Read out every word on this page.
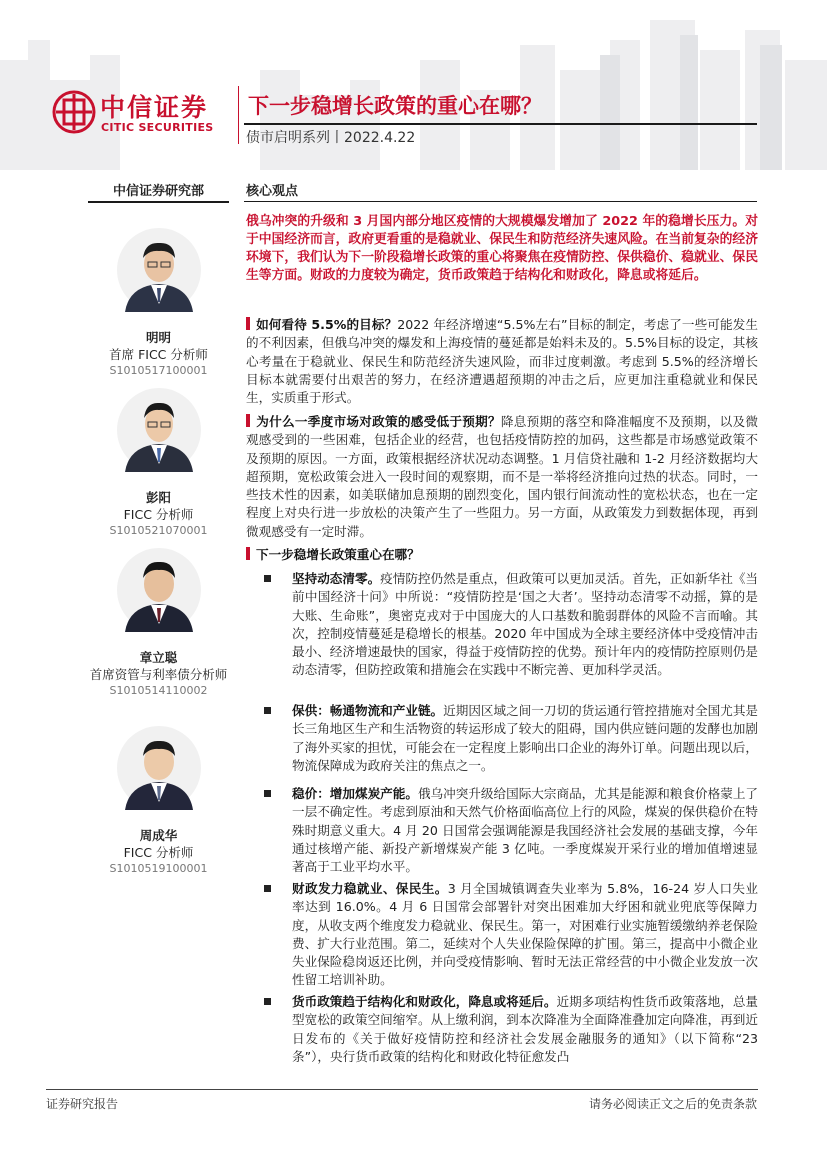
中信证券
CITIC SECURITIES
下一步稳增长政策的重心在哪？
债市启明系列丨2022.4.22
中信证券研究部
明明
首席 FICC 分析师
S1010517100001
彭阳
FICC 分析师
S1010521070001
章立聪
首席资管与利率债分析师
S1010514110002
周成华
FICC 分析师
S1010519100001
核心观点
俄乌冲突的升级和 3 月国内部分地区疫情的大规模爆发增加了 2022 年的稳增长压力。对于中国经济而言，政府更看重的是稳就业、保民生和防范经济失速风险。在当前复杂的经济环境下，我们认为下一阶段稳增长政策的重心将聚焦在疫情防控、保供稳价、稳就业、保民生等方面。财政的力度较为确定，货币政策趋于结构化和财政化，降息或将延后。
如何看待 5.5%的目标？2022 年经济增速“5.5%左右”目标的制定，考虑了一些可能发生的不利因素，但俄乌冲突的爆发和上海疫情的蔓延都是始料未及的。5.5%目标的设定，其核心考量在于稳就业、保民生和防范经济失速风险，而非过度刺激。考虑到 5.5%的经济增长目标本就需要付出艰苦的努力，在经济遭遇超预期的冲击之后，应更加注重稳就业和保民生，实质重于形式。
为什么一季度市场对政策的感受低于预期？降息预期的落空和降准幅度不及预期，以及微观感受到的一些困难，包括企业的经营，也包括疫情防控的加码，这些都是市场感觉政策不及预期的原因。一方面，政策根据经济状况动态调整。1 月信贷社融和 1-2 月经济数据均大超预期，宽松政策会进入一段时间的观察期，而不是一举将经济推向过热的状态。同时，一些技术性的因素，如美联储加息预期的剧烈变化，国内银行间流动性的宽松状态，也在一定程度上对央行进一步放松的决策产生了一些阻力。另一方面，从政策发力到数据体现，再到微观感受有一定时滞。
下一步稳增长政策重心在哪？
坚持动态清零。疫情防控仍然是重点，但政策可以更加灵活。首先，正如新华社《当前中国经济十问》中所说：“疫情防控是‘国之大者’。坚持动态清零不动摇，算的是大账、生命账”，奥密克戎对于中国庞大的人口基数和脆弱群体的风险不言而喻。其次，控制疫情蔓延是稳增长的根基。2020 年中国成为全球主要经济体中受疫情冲击最小、经济增速最快的国家，得益于疫情防控的优势。预计年内的疫情防控原则仍是动态清零，但防控政策和措施会在实践中不断完善、更加科学灵活。
保供：畅通物流和产业链。近期因区域之间一刀切的货运通行管控措施对全国尤其是长三角地区生产和生活物资的转运形成了较大的阻碍，国内供应链问题的发酵也加剧了海外买家的担忧，可能会在一定程度上影响出口企业的海外订单。问题出现以后，物流保障成为政府关注的焦点之一。
稳价：增加煤炭产能。俄乌冲突升级给国际大宗商品，尤其是能源和粮食价格蒙上了一层不确定性。考虑到原油和天然气价格面临高位上行的风险，煤炭的保供稳价在特殊时期意义重大。4 月 20 日国常会强调能源是我国经济社会发展的基础支撑，今年通过核增产能、新投产新增煤炭产能 3 亿吨。一季度煤炭开采行业的增加值增速显著高于工业平均水平。
财政发力稳就业、保民生。3 月全国城镇调查失业率为 5.8%，16-24 岁人口失业率达到 16.0%。4 月 6 日国常会部署针对突出困难加大纾困和就业兜底等保障力度，从收支两个维度发力稳就业、保民生。第一，对困难行业实施暂缓缴纳养老保险费、扩大行业范围。第二，延续对个人失业保险保障的扩围。第三，提高中小微企业失业保险稳岗返还比例，并向受疫情影响、暂时无法正常经营的中小微企业发放一次性留工培训补助。
货币政策趋于结构化和财政化，降息或将延后。近期多项结构性货币政策落地，总量型宽松的政策空间缩窄。从上缴利润，到本次降准为全面降准叠加定向降准，再到近日发布的《关于做好疫情防控和经济社会发展金融服务的通知》（以下简称“23 条”），央行货币政策的结构化和财政化特征愈发凸
证券研究报告	请务必阅读正文之后的免责条款
